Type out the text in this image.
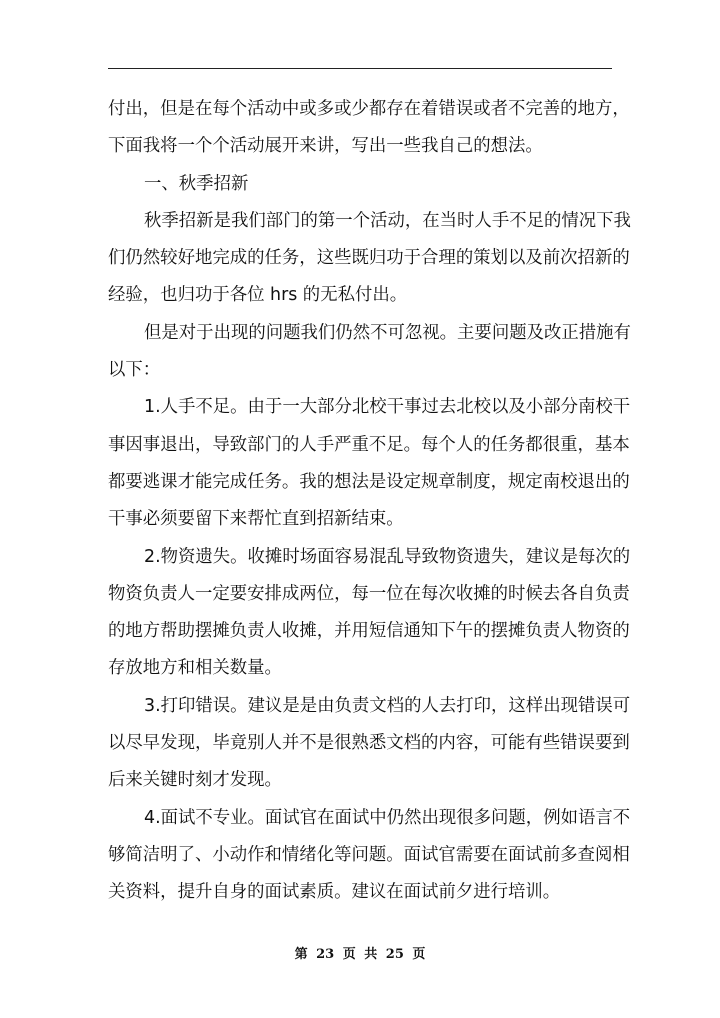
付出，但是在每个活动中或多或少都存在着错误或者不完善的地方，
下面我将一个个活动展开来讲，写出一些我自己的想法。
一、秋季招新
秋季招新是我们部门的第一个活动，在当时人手不足的情况下我
们仍然较好地完成的任务，这些既归功于合理的策划以及前次招新的
经验，也归功于各位 hrs 的无私付出。
但是对于出现的问题我们仍然不可忽视。主要问题及改正措施有
以下：
1.人手不足。由于一大部分北校干事过去北校以及小部分南校干
事因事退出，导致部门的人手严重不足。每个人的任务都很重，基本
都要逃课才能完成任务。我的想法是设定规章制度，规定南校退出的
干事必须要留下来帮忙直到招新结束。
2.物资遗失。收摊时场面容易混乱导致物资遗失，建议是每次的
物资负责人一定要安排成两位，每一位在每次收摊的时候去各自负责
的地方帮助摆摊负责人收摊，并用短信通知下午的摆摊负责人物资的
存放地方和相关数量。
3.打印错误。建议是是由负责文档的人去打印，这样出现错误可
以尽早发现，毕竟别人并不是很熟悉文档的内容，可能有些错误要到
后来关键时刻才发现。
4.面试不专业。面试官在面试中仍然出现很多问题，例如语言不
够简洁明了、小动作和情绪化等问题。面试官需要在面试前多查阅相
关资料，提升自身的面试素质。建议在面试前夕进行培训。
第 23 页 共 25 页
